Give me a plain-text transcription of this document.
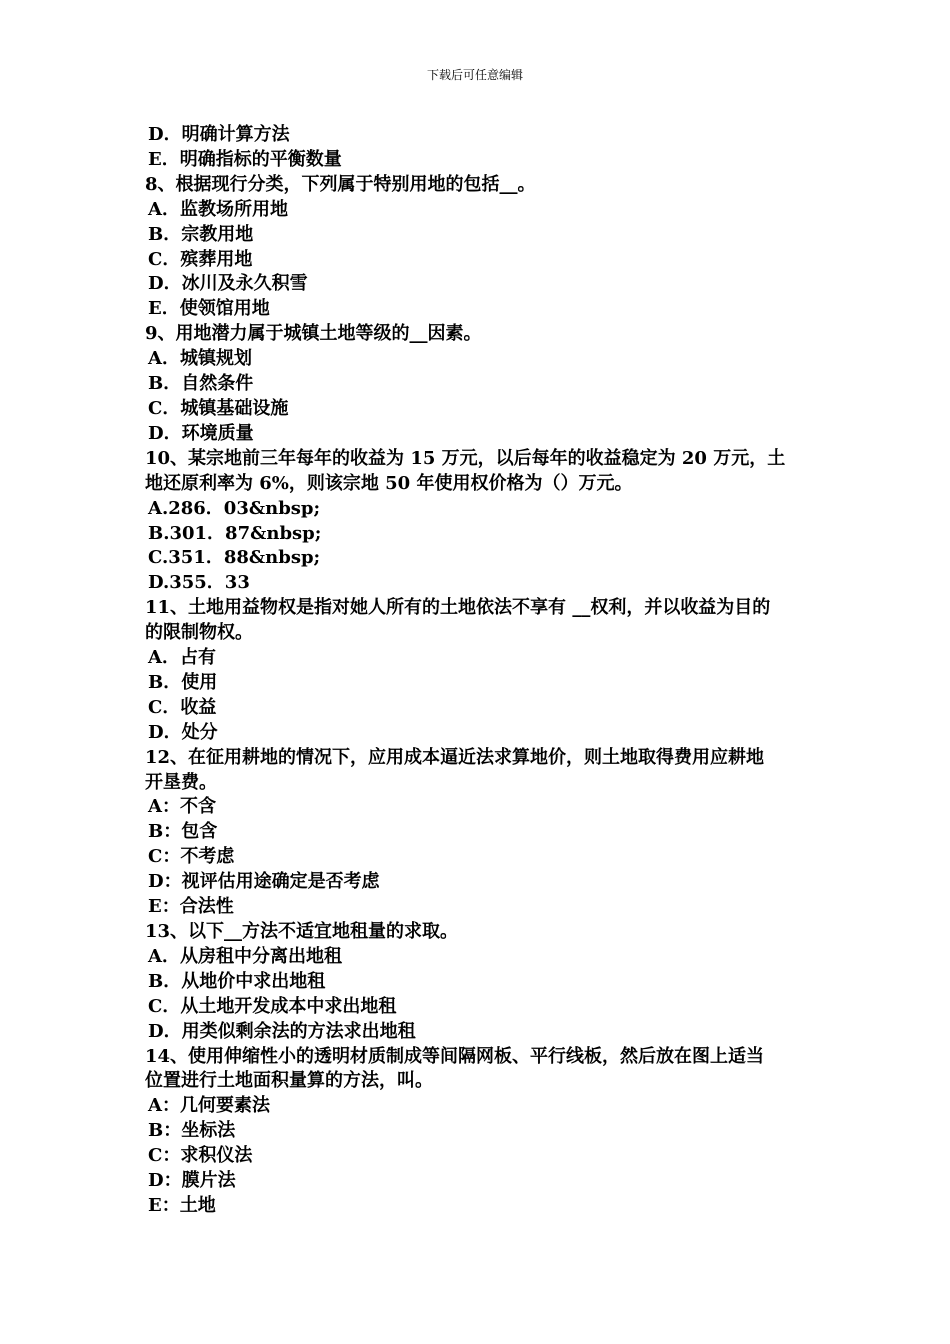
下载后可任意编辑
D．明确计算方法
E．明确指标的平衡数量
8、根据现行分类，下列属于特别用地的包括__。
A．监教场所用地
B．宗教用地
C．殡葬用地
D．冰川及永久积雪
E．使领馆用地
9、用地潜力属于城镇土地等级的__因素。
A．城镇规划
B．自然条件
C．城镇基础设施
D．环境质量
10、某宗地前三年每年的收益为 15 万元，以后每年的收益稳定为 20 万元，土
地还原利率为 6%，则该宗地 50 年使用权价格为（）万元。
A.286．03&nbsp;
B.301．87&nbsp;
C.351．88&nbsp;
D.355．33
11、土地用益物权是指对她人所有的土地依法不享有 __权利，并以收益为目的
的限制物权。
A．占有
B．使用
C．收益
D．处分
12、在征用耕地的情况下，应用成本逼近法求算地价，则土地取得费用应耕地
开垦费。
A：不含
B：包含
C：不考虑
D：视评估用途确定是否考虑
E：合法性
13、以下__方法不适宜地租量的求取。
A．从房租中分离出地租
B．从地价中求出地租
C．从土地开发成本中求出地租
D．用类似剩余法的方法求出地租
14、使用伸缩性小的透明材质制成等间隔网板、平行线板，然后放在图上适当
位置进行土地面积量算的方法，叫。
A：几何要素法
B：坐标法
C：求积仪法
D：膜片法
E：土地
